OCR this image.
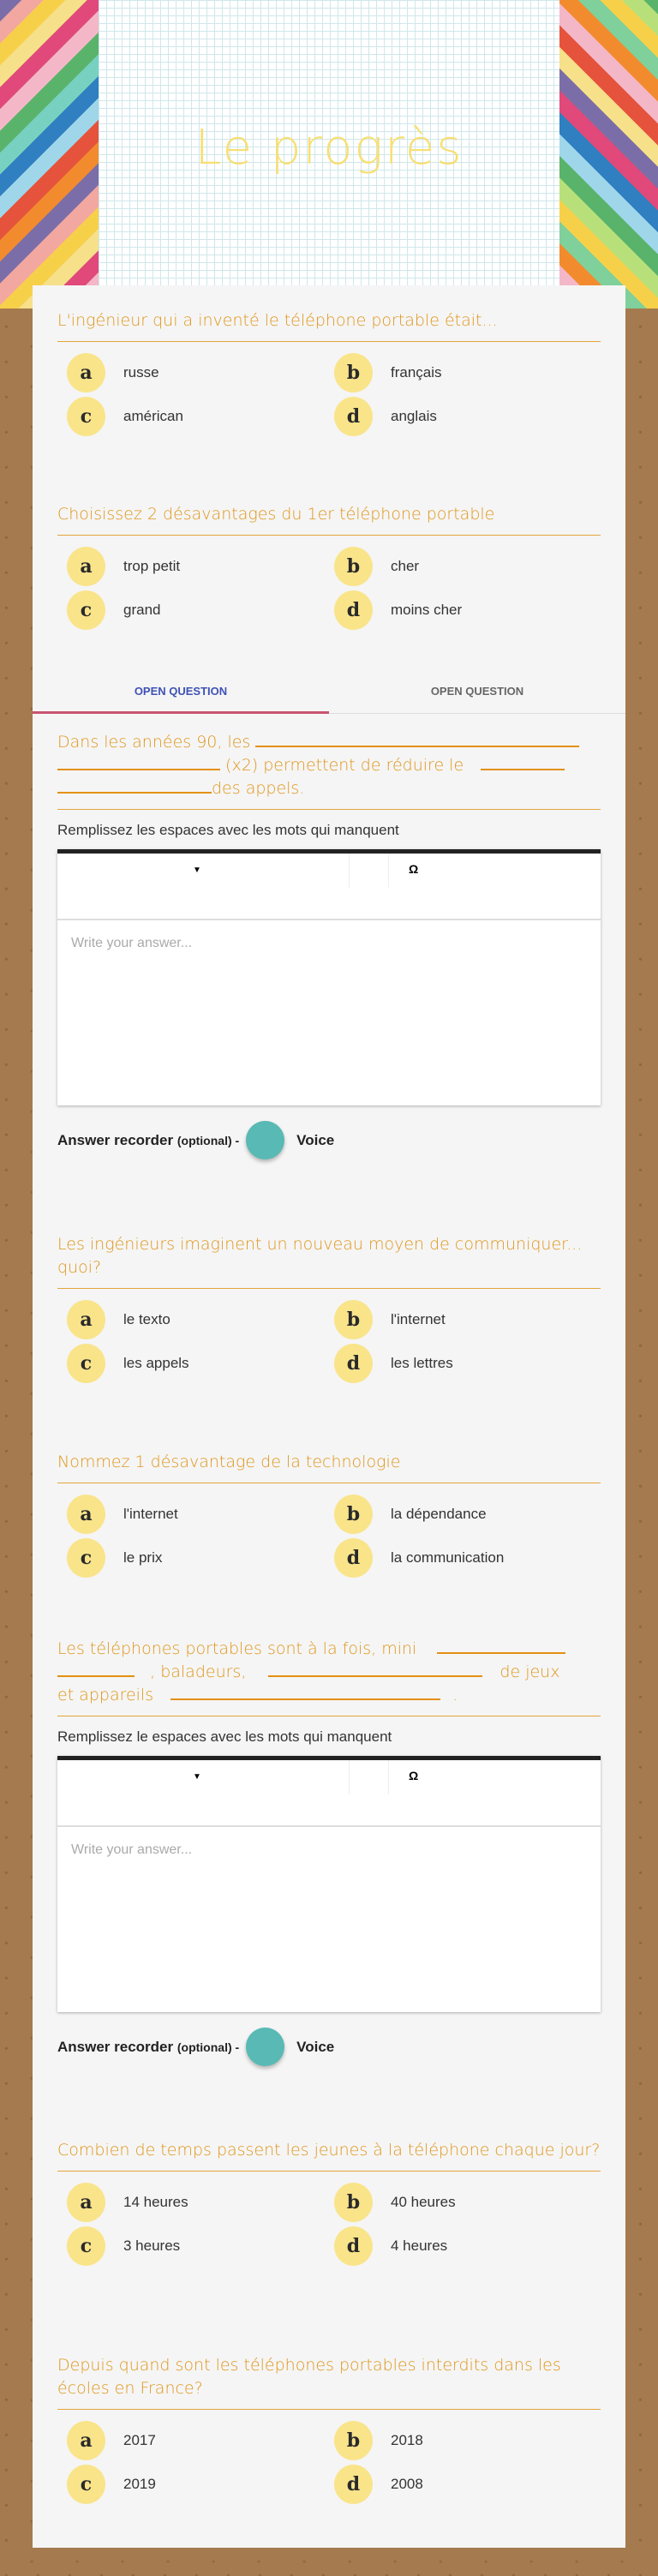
Le progrès
OPEN QUESTION	OPEN QUESTION
Dans les années 90, les
(x2) permettent de réduire le
des appels.
Remplissez les espaces avec les mots qui manquent
▼	Ω
Write your answer...
Answer recorder
(optional) -	Voice
Les téléphones portables sont à la fois, mini
, baladeurs,	de jeux
et appareils	.
Remplissez le espaces avec les mots qui manquent
▼	Ω
Write your answer...
Answer recorder
(optional) -	Voice
L'ingénieur qui a inventé le téléphone portable était...
a	russe	b	français
c	américan	d	anglais
Choisissez 2 désavantages du 1er téléphone portable
a	trop petit	b	cher
c	grand	d	moins cher
Les ingénieurs imaginent un nouveau moyen de communiquer... quoi?
a	le texto	b	l'internet
c	les appels	d	les lettres
Nommez 1 désavantage de la technologie
a	l'internet	b	la dépendance
c	le prix	d	la communication
Combien de temps passent les jeunes à la téléphone chaque jour?
a	14 heures	b	40 heures
c	3 heures	d	4 heures
Depuis quand sont les téléphones portables interdits dans les écoles en France?
a	2017	b	2018
c	2019	d	2008
